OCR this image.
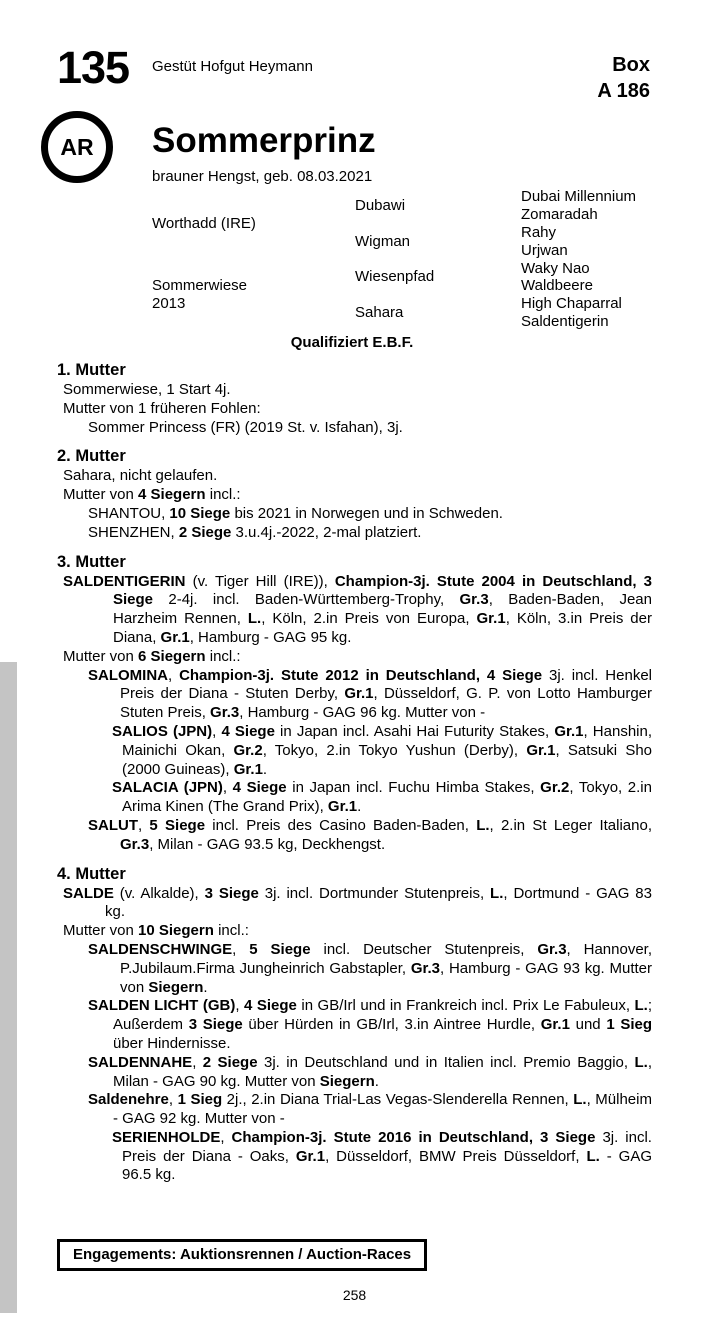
135 Gestüt Hofgut Heymann	Box
A 186
AR Sommerprinz
brauner Hengst, geb. 08.03.2021
Worthadd (IRE)
Sommerwiese
2013
Dubawi
Wigman
Wiesenpfad
Sahara
Dubai Millennium
Zomaradah
Rahy
Urjwan
Waky Nao
Waldbeere
High Chaparral
Saldentigerin
Qualifiziert E.B.F.
1. Mutter
Sommerwiese, 1 Start 4j.
Mutter von 1 früheren Fohlen:
Sommer Princess (FR) (2019 St. v. Isfahan), 3j.
2. Mutter
Sahara, nicht gelaufen.
Mutter von 4 Siegern incl.:
SHANTOU, 10 Siege bis 2021 in Norwegen und in Schweden.
SHENZHEN, 2 Siege 3.u.4j.-2022, 2-mal platziert.
3. Mutter
SALDENTIGERIN (v. Tiger Hill (IRE)), Champion-3j. Stute 2004 in Deutschland, 3 Siege 2-4j. incl. Baden-Württemberg-Trophy, Gr.3, Baden-Baden, Jean Harzheim Rennen, L., Köln, 2.in Preis von Europa, Gr.1, Köln, 3.in Preis der Diana, Gr.1, Hamburg - GAG 95 kg.
Mutter von 6 Siegern incl.:
SALOMINA, Champion-3j. Stute 2012 in Deutschland, 4 Siege 3j. incl. Henkel Preis der Diana - Stuten Derby, Gr.1, Düsseldorf, G. P. von Lotto Hamburger Stuten Preis, Gr.3, Hamburg - GAG 96 kg. Mutter von -
SALIOS (JPN), 4 Siege in Japan incl. Asahi Hai Futurity Stakes, Gr.1, Hanshin, Mainichi Okan, Gr.2, Tokyo, 2.in Tokyo Yushun (Derby), Gr.1, Satsuki Sho (2000 Guineas), Gr.1.
SALACIA (JPN), 4 Siege in Japan incl. Fuchu Himba Stakes, Gr.2, Tokyo, 2.in Arima Kinen (The Grand Prix), Gr.1.
SALUT, 5 Siege incl. Preis des Casino Baden-Baden, L., 2.in St Leger Italiano, Gr.3, Milan - GAG 93.5 kg, Deckhengst.
4. Mutter
SALDE (v. Alkalde), 3 Siege 3j. incl. Dortmunder Stutenpreis, L., Dortmund - GAG 83 kg.
Mutter von 10 Siegern incl.:
SALDENSCHWINGE, 5 Siege incl. Deutscher Stutenpreis, Gr.3, Hannover, P.Jubilaum.Firma Jungheinrich Gabstapler, Gr.3, Hamburg - GAG 93 kg. Mutter von Siegern.
SALDEN LICHT (GB), 4 Siege in GB/Irl und in Frankreich incl. Prix Le Fabuleux, L.; Außerdem 3 Siege über Hürden in GB/Irl, 3.in Aintree Hurdle, Gr.1 und 1 Sieg über Hindernisse.
SALDENNAHE, 2 Siege 3j. in Deutschland und in Italien incl. Premio Baggio, L., Milan - GAG 90 kg. Mutter von Siegern.
Saldenehre, 1 Sieg 2j., 2.in Diana Trial-Las Vegas-Slenderella Rennen, L., Mülheim - GAG 92 kg. Mutter von -
SERIENHOLDE, Champion-3j. Stute 2016 in Deutschland, 3 Siege 3j. incl. Preis der Diana - Oaks, Gr.1, Düsseldorf, BMW Preis Düsseldorf, L. - GAG 96.5 kg.
Engagements: Auktionsrennen / Auction-Races
258
